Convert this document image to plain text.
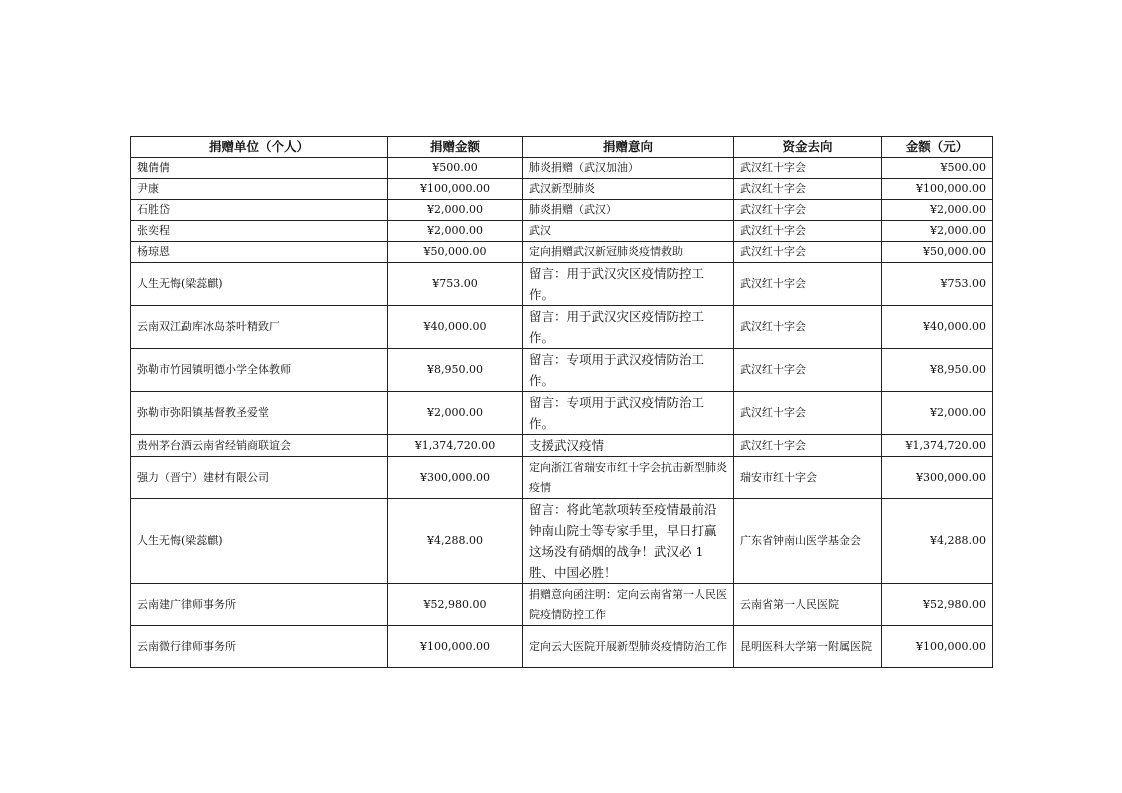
捐赠单位（个人）	捐赠金额	捐赠意向	资金去向	金额（元）
魏倩倩	¥500.00	肺炎捐赠（武汉加油）	武汉红十字会	¥500.00
尹康	¥100,000.00	武汉新型肺炎	武汉红十字会	¥100,000.00
石胜岱	¥2,000.00	肺炎捐赠（武汉）	武汉红十字会	¥2,000.00
张奕程	¥2,000.00	武汉	武汉红十字会	¥2,000.00
杨琼恩	¥50,000.00	定向捐赠武汉新冠肺炎疫情救助	武汉红十字会	¥50,000.00
人生无悔(梁蕊麒)	¥753.00	留言：用于武汉灾区疫情防控工作。	武汉红十字会	¥753.00
云南双江勐库冰岛茶叶精致厂	¥40,000.00	留言：用于武汉灾区疫情防控工作。	武汉红十字会	¥40,000.00
弥勒市竹园镇明德小学全体教师	¥8,950.00	留言：专项用于武汉疫情防治工作。	武汉红十字会	¥8,950.00
弥勒市弥阳镇基督教圣爱堂	¥2,000.00	留言：专项用于武汉疫情防治工作。	武汉红十字会	¥2,000.00
贵州茅台酒云南省经销商联谊会	¥1,374,720.00	支援武汉疫情	武汉红十字会	¥1,374,720.00
强力（晋宁）建材有限公司	¥300,000.00	定向浙江省瑞安市红十字会抗击新型肺炎疫情	瑞安市红十字会	¥300,000.00
人生无悔(梁蕊麒)	¥4,288.00	留言：将此笔款项转至疫情最前沿钟南山院士等专家手里，早日打赢这场没有硝烟的战争！武汉必 1 胜、中国必胜！	广东省钟南山医学基金会	¥4,288.00
云南建广律师事务所	¥52,980.00	捐赠意向函注明：定向云南省第一人民医院疫情防控工作	云南省第一人民医院	¥52,980.00
云南微行律师事务所	¥100,000.00	定向云大医院开展新型肺炎疫情防治工作	昆明医科大学第一附属医院	¥100,000.00
